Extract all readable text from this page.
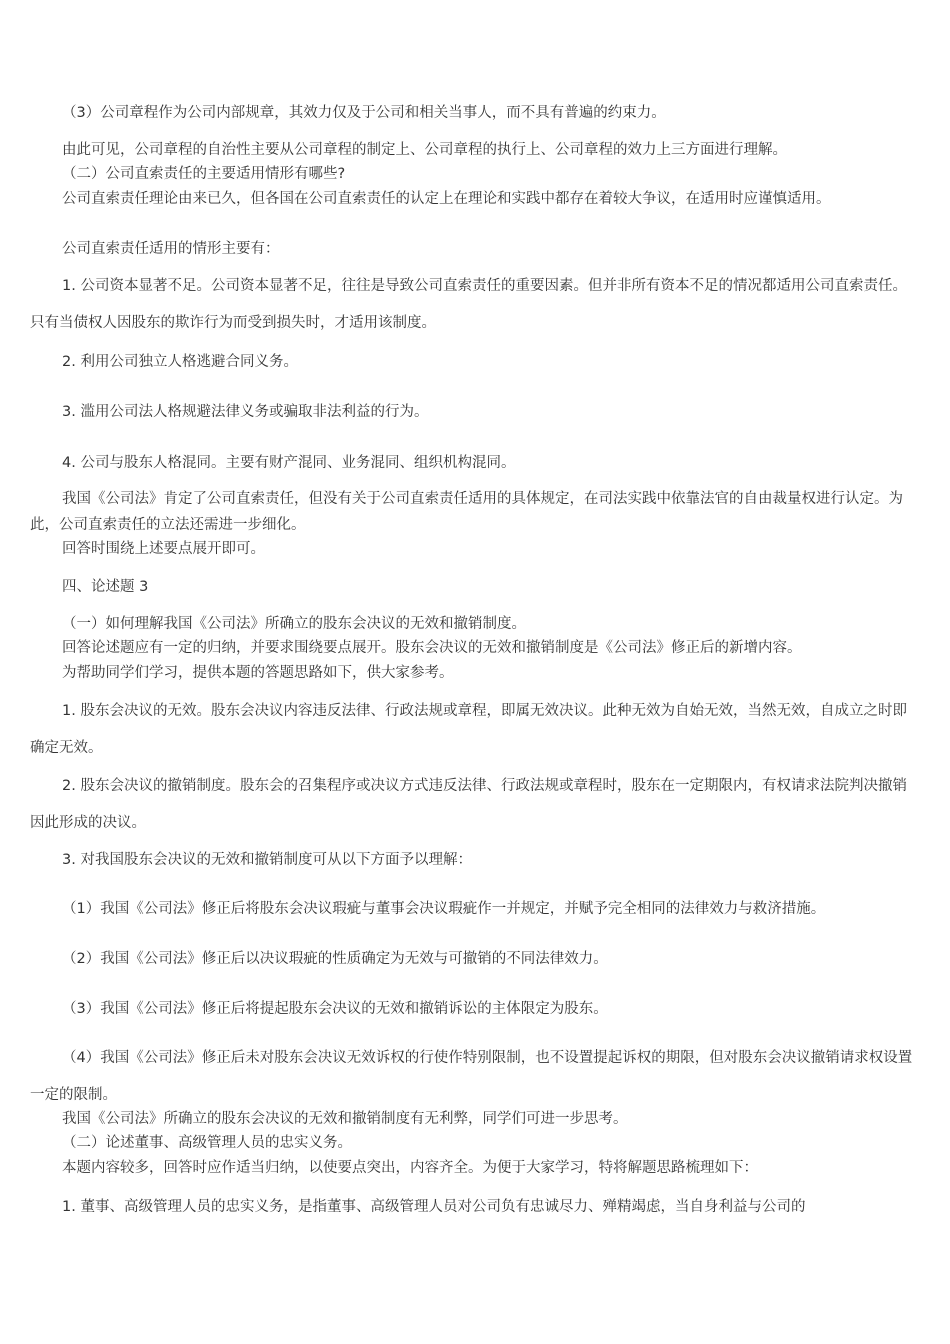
（3）公司章程作为公司内部规章，其效力仅及于公司和相关当事人，而不具有普遍的约束力。

由此可见，公司章程的自治性主要从公司章程的制定上、公司章程的执行上、公司章程的效力上三方面进行理解。

（二）公司直索责任的主要适用情形有哪些?

公司直索责任理论由来已久，但各国在公司直索责任的认定上在理论和实践中都存在着较大争议，在适用时应谨慎适用。

公司直索责任适用的情形主要有：

1. 公司资本显著不足。公司资本显著不足，往往是导致公司直索责任的重要因素。但并非所有资本不足的情况都适用公司直索责任。只有当债权人因股东的欺诈行为而受到损失时，才适用该制度。

2. 利用公司独立人格逃避合同义务。

3. 滥用公司法人格规避法律义务或骗取非法利益的行为。

4. 公司与股东人格混同。主要有财产混同、业务混同、组织机构混同。

我国《公司法》肯定了公司直索责任，但没有关于公司直索责任适用的具体规定，在司法实践中依靠法官的自由裁量权进行认定。为此，公司直索责任的立法还需进一步细化。

回答时围绕上述要点展开即可。

四、论述题 3

（一）如何理解我国《公司法》所确立的股东会决议的无效和撤销制度。

回答论述题应有一定的归纳，并要求围绕要点展开。股东会决议的无效和撤销制度是《公司法》修正后的新增内容。

为帮助同学们学习，提供本题的答题思路如下，供大家参考。

1. 股东会决议的无效。股东会决议内容违反法律、行政法规或章程，即属无效决议。此种无效为自始无效，当然无效，自成立之时即确定无效。

2. 股东会决议的撤销制度。股东会的召集程序或决议方式违反法律、行政法规或章程时，股东在一定期限内，有权请求法院判决撤销因此形成的决议。

3. 对我国股东会决议的无效和撤销制度可从以下方面予以理解：

（1）我国《公司法》修正后将股东会决议瑕疵与董事会决议瑕疵作一并规定，并赋予完全相同的法律效力与救济措施。

（2）我国《公司法》修正后以决议瑕疵的性质确定为无效与可撤销的不同法律效力。

（3）我国《公司法》修正后将提起股东会决议的无效和撤销诉讼的主体限定为股东。

（4）我国《公司法》修正后未对股东会决议无效诉权的行使作特别限制，也不设置提起诉权的期限，但对股东会决议撤销请求权设置一定的限制。

我国《公司法》所确立的股东会决议的无效和撤销制度有无利弊，同学们可进一步思考。

（二）论述董事、高级管理人员的忠实义务。

本题内容较多，回答时应作适当归纳，以使要点突出，内容齐全。为便于大家学习，特将解题思路梳理如下：

1. 董事、高级管理人员的忠实义务，是指董事、高级管理人员对公司负有忠诚尽力、殚精竭虑，当自身利益与公司的
